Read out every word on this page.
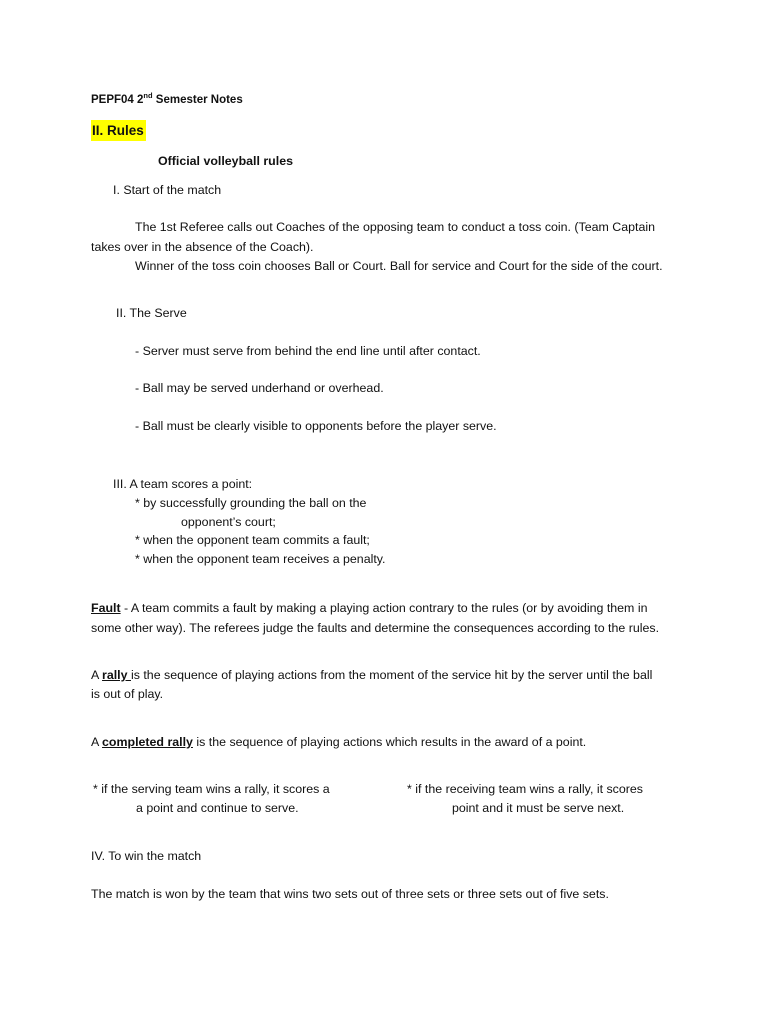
PEPF04 2nd Semester Notes
II. Rules
Official volleyball rules
I. Start of the match
The 1st Referee calls out Coaches of the opposing team to conduct a toss coin. (Team Captain
takes over in the absence of the Coach).
Winner of the toss coin chooses Ball or Court. Ball for service and Court for the side of the court.
II. The Serve
- Server must serve from behind the end line until after contact.
- Ball may be served underhand or overhead.
- Ball must be clearly visible to opponents before the player serve.
III. A team scores a point:
* by successfully grounding the ball on the
opponent’s court;
* when the opponent team commits a fault;
* when the opponent team receives a penalty.
Fault - A team commits a fault by making a playing action contrary to the rules (or by avoiding them in
some other way). The referees judge the faults and determine the consequences according to the rules.
A rally is the sequence of playing actions from the moment of the service hit by the server until the ball
is out of play.
A completed rally is the sequence of playing actions which results in the award of a point.
* if the serving team wins a rally, it scores a
a point and continue to serve.
* if the receiving team wins a rally, it scores
point and it must be serve next.
IV. To win the match
The match is won by the team that wins two sets out of three sets or three sets out of five sets.
